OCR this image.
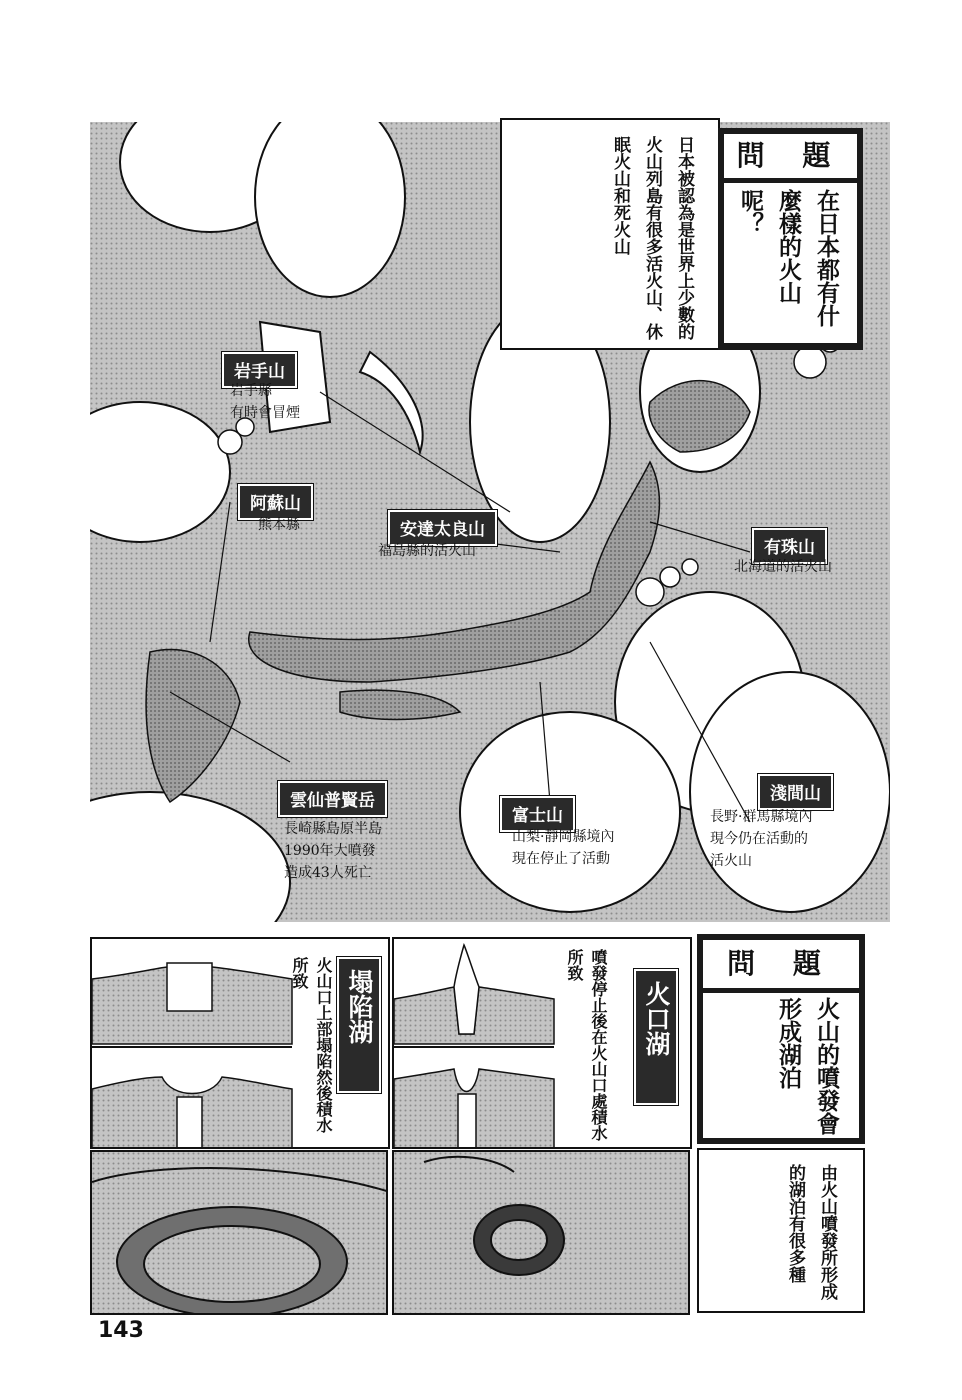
日本被認為是世界上少數的火山列島有很多活火山、休眠火山和死火山	問 題
在日本都有什麼樣的火山呢？
岩手山
岩手縣
有時會冒煙
阿蘇山
熊本縣	安達太良山
福島縣的活火山	有珠山
北海道的活火山
雲仙普賢岳
長崎縣島原半島
1990年大噴發
造成43人死亡
富士山
山梨·靜岡縣境內
現在停止了活動
淺間山
長野·群馬縣境內
現今仍在活動的
活火山
塌陷湖
火山口上部塌陷然後積水所致
火口湖
噴發停止後在火山口處積水所致	問 題
火山的噴發會形成湖泊
由火山噴發所形成的湖泊有很多種
143
